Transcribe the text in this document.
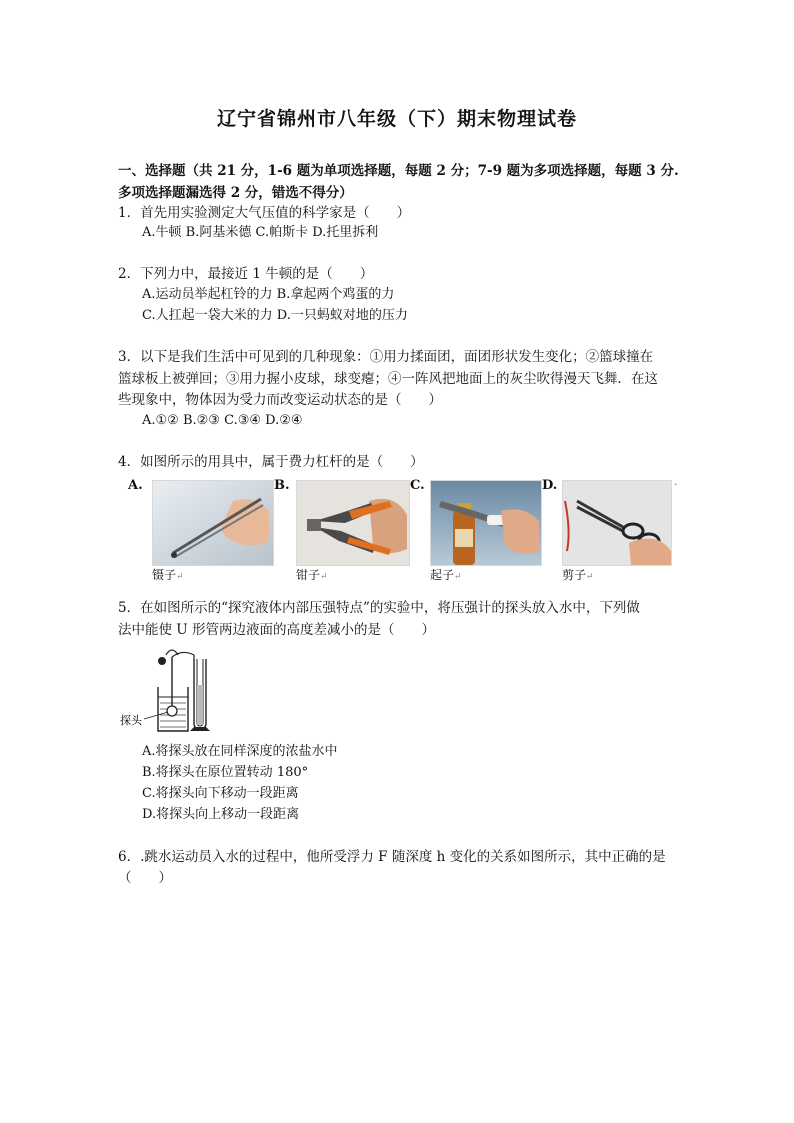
辽宁省锦州市八年级（下）期末物理试卷
一、选择题（共 21 分，1-6 题为单项选择题，每题 2 分；7-9 题为多项选择题，每题 3 分. 多项选择题漏选得 2 分，错选不得分）
1．首先用实验测定大气压值的科学家是（　　）
A.牛顿 B.阿基米德 C.帕斯卡 D.托里拆利
2．下列力中，最接近 1 牛顿的是（　　）
A.运动员举起杠铃的力 B.拿起两个鸡蛋的力
C.人扛起一袋大米的力 D.一只蚂蚁对地的压力
3．以下是我们生活中可见到的几种现象：①用力揉面团，面团形状发生变化；②篮球撞在
篮球板上被弹回；③用力握小皮球，球变瘪；④一阵风把地面上的灰尘吹得漫天飞舞．在这
些现象中，物体因为受力而改变运动状态的是（　　）
A.①② B.②③ C.③④ D.②④
4．如图所示的用具中，属于费力杠杆的是（　　）
A.
镊子↵
B.
钳子↵
C.
起子↵
D.
剪子↵
·
5．在如图所示的“探究液体内部压强特点”的实验中，将压强计的探头放入水中，下列做
法中能使 U 形管两边液面的高度差减小的是（　　）
探头
A.将探头放在同样深度的浓盐水中
B.将探头在原位置转动 180°
C.将探头向下移动一段距离
D.将探头向上移动一段距离
6．.跳水运动员入水的过程中，他所受浮力 F 随深度 h 变化的关系如图所示，其中正确的是
（　　）
